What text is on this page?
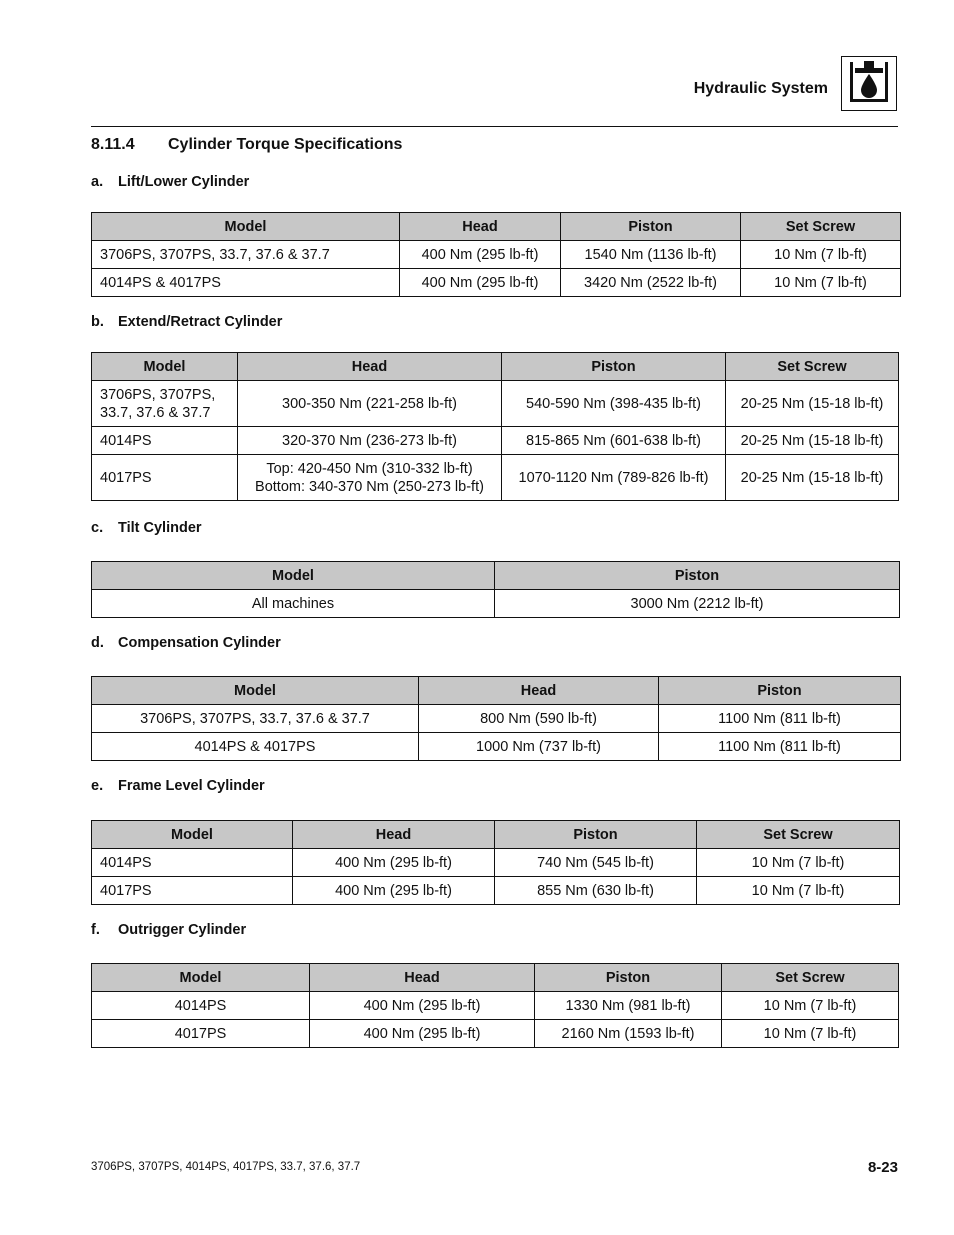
Hydraulic System
8.11.4 Cylinder Torque Specifications
a. Lift/Lower Cylinder
Model	Head	Piston	Set Screw
3706PS, 3707PS, 33.7, 37.6 & 37.7	400 Nm (295 lb-ft)	1540 Nm (1136 lb-ft)	10 Nm (7 lb-ft)
4014PS & 4017PS	400 Nm (295 lb-ft)	3420 Nm (2522 lb-ft)	10 Nm (7 lb-ft)
b. Extend/Retract Cylinder
Model	Head	Piston	Set Screw

3706PS, 3707PS,
33.7, 37.6 & 37.7	300-350 Nm (221-258 lb-ft)	540-590 Nm (398-435 lb-ft)	20-25 Nm (15-18 lb-ft)
4014PS	320-370 Nm (236-273 lb-ft)	815-865 Nm (601-638 lb-ft)	20-25 Nm (15-18 lb-ft)
4017PS	Top: 420-450 Nm (310-332 lb-ft)
Bottom: 340-370 Nm (250-273 lb-ft)	1070-1120 Nm (789-826 lb-ft)	20-25 Nm (15-18 lb-ft)
c. Tilt Cylinder
Model	Piston
All machines	3000 Nm (2212 lb-ft)
d. Compensation Cylinder
Model	Head	Piston
3706PS, 3707PS, 33.7, 37.6 & 37.7	800 Nm (590 lb-ft)	1100 Nm (811 lb-ft)
4014PS & 4017PS	1000 Nm (737 lb-ft)	1100 Nm (811 lb-ft)
e. Frame Level Cylinder
Model	Head	Piston	Set Screw
4014PS	400 Nm (295 lb-ft)	740 Nm (545 lb-ft)	10 Nm (7 lb-ft)
4017PS	400 Nm (295 lb-ft)	855 Nm (630 lb-ft)	10 Nm (7 lb-ft)
f. Outrigger Cylinder
Model	Head	Piston	Set Screw
4014PS	400 Nm (295 lb-ft)	1330 Nm (981 lb-ft)	10 Nm (7 lb-ft)
4017PS	400 Nm (295 lb-ft)	2160 Nm (1593 lb-ft)	10 Nm (7 lb-ft)
3706PS, 3707PS, 4014PS, 4017PS, 33.7, 37.6, 37.7	8-23
